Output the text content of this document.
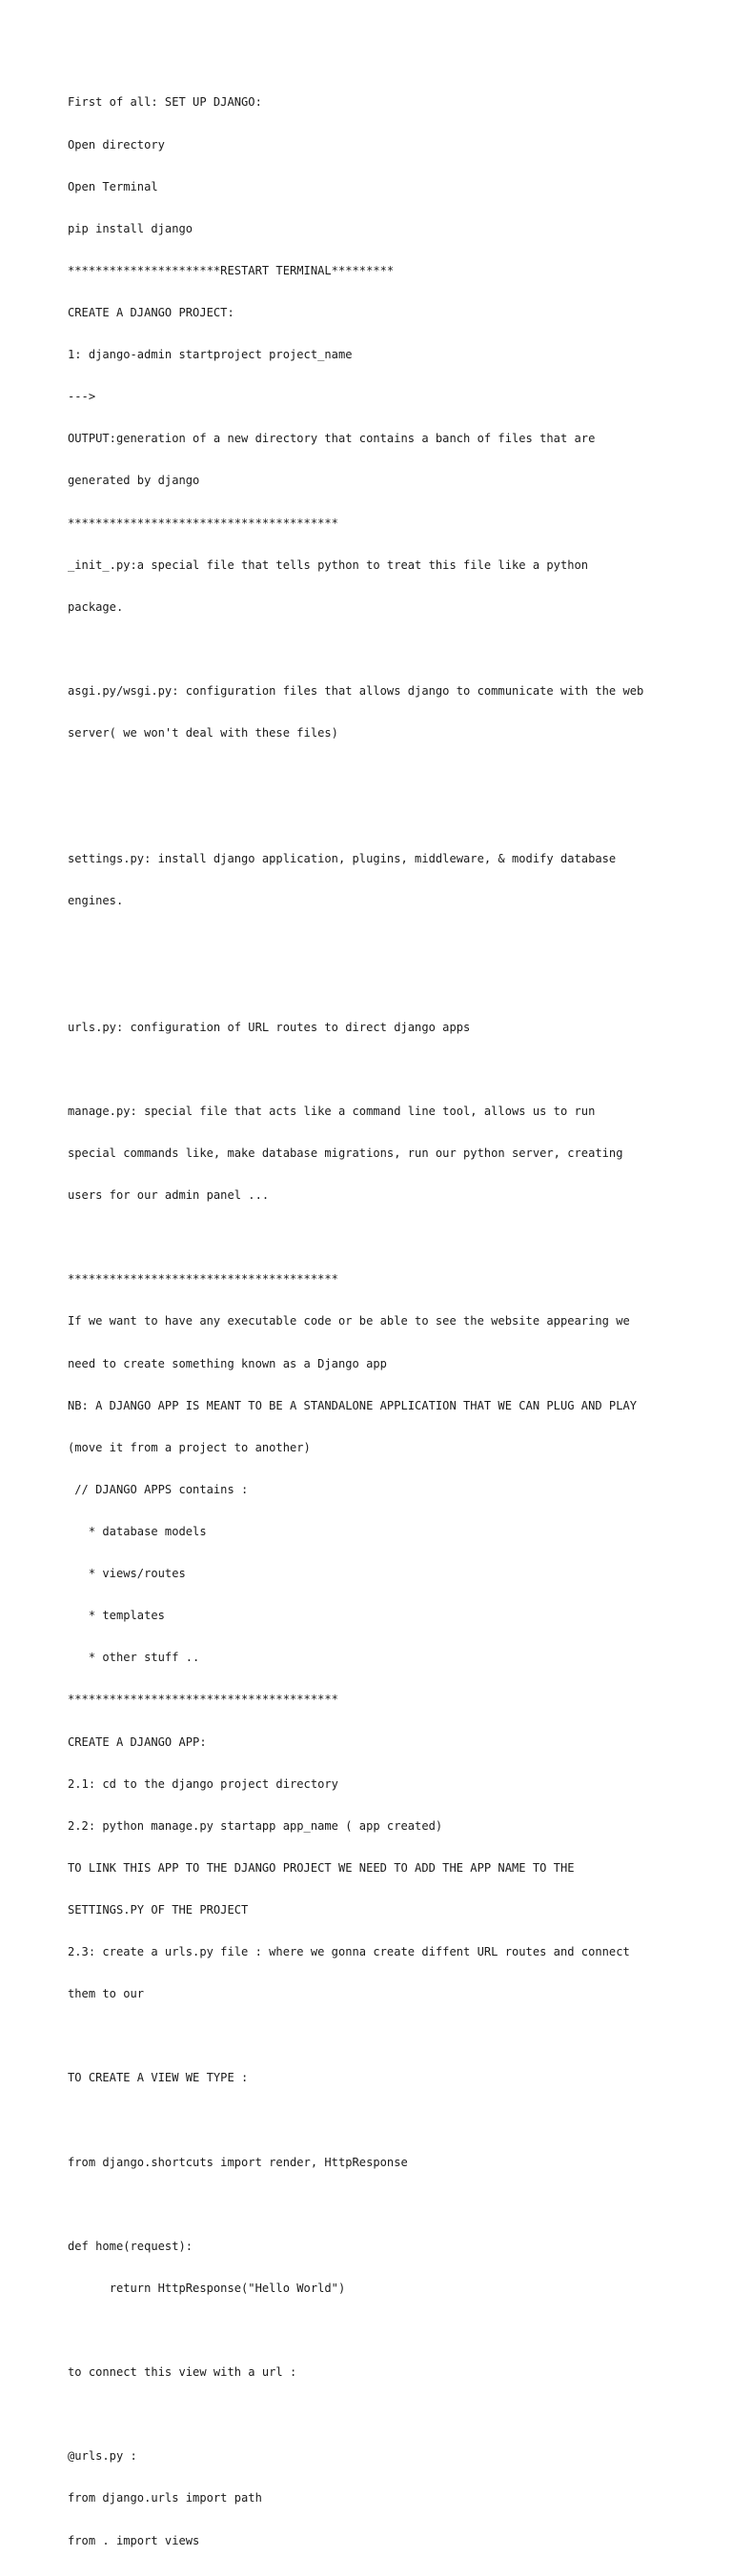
First of all: SET UP DJANGO:

Open directory

Open Terminal

pip install django

**********************RESTART TERMINAL*********

CREATE A DJANGO PROJECT:

1: django-admin startproject project_name

--->

OUTPUT:generation of a new directory that contains a banch of files that are

generated by django

***************************************

_init_.py:a special file that tells python to treat this file like a python

package.

asgi.py/wsgi.py: configuration files that allows django to communicate with the web

server( we won't deal with these files)

settings.py: install django application, plugins, middleware, & modify database

engines.

urls.py: configuration of URL routes to direct django apps

manage.py: special file that acts like a command line tool, allows us to run

special commands like, make database migrations, run our python server, creating

users for our admin panel ...

***************************************

If we want to have any executable code or be able to see the website appearing we

need to create something known as a Django app

NB: A DJANGO APP IS MEANT TO BE A STANDALONE APPLICATION THAT WE CAN PLUG AND PLAY

(move it from a project to another)

// DJANGO APPS contains :

* database models

* views/routes

* templates

* other stuff ..

***************************************

CREATE A DJANGO APP:

2.1: cd to the django project directory

2.2: python manage.py startapp app_name ( app created)

TO LINK THIS APP TO THE DJANGO PROJECT WE NEED TO ADD THE APP NAME TO THE

SETTINGS.PY OF THE PROJECT

2.3: create a urls.py file : where we gonna create diffent URL routes and connect

them to our

TO CREATE A VIEW WE TYPE :

from django.shortcuts import render, HttpResponse

def home(request):

return HttpResponse("Hello World")

to connect this view with a url :

@urls.py :

from django.urls import path

from . import views
